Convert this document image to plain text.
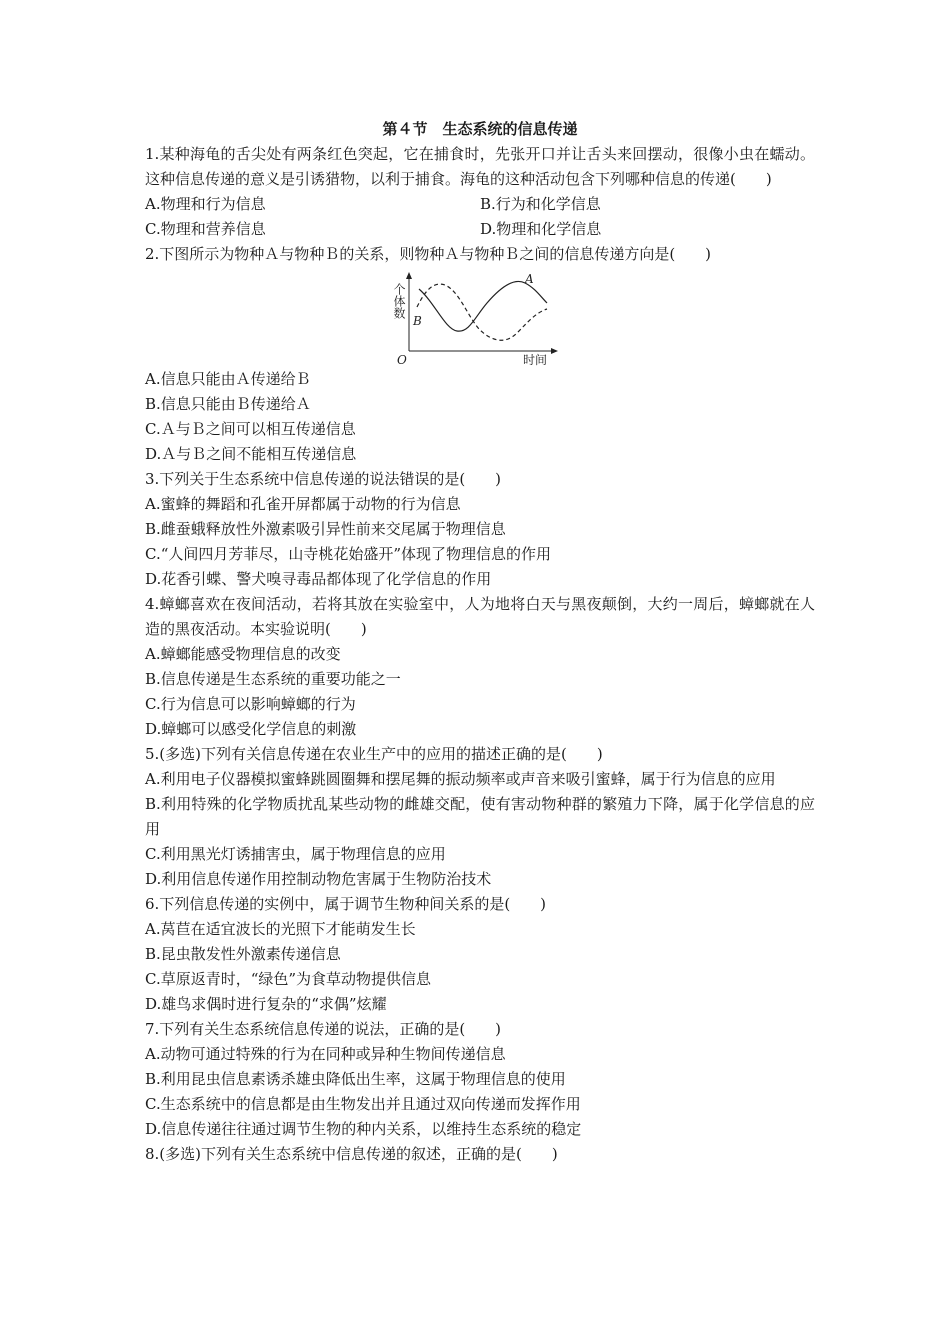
第４节　生态系统的信息传递
1.某种海龟的舌尖处有两条红色突起，它在捕食时，先张开口并让舌头来回摆动，很像小虫在蠕动。这种信息传递的意义是引诱猎物，以利于捕食。海龟的这种活动包含下列哪种信息的传递(　　)
A.物理和行为信息	B.行为和化学信息
C.物理和营养信息	D.物理和化学信息
2.下图所示为物种Ａ与物种Ｂ的关系，则物种Ａ与物种Ｂ之间的信息传递方向是(　　)
个体数
A
B
O	时间
A.信息只能由Ａ传递给Ｂ
B.信息只能由Ｂ传递给Ａ
C.Ａ与Ｂ之间可以相互传递信息
D.Ａ与Ｂ之间不能相互传递信息
3.下列关于生态系统中信息传递的说法错误的是(　　)
A.蜜蜂的舞蹈和孔雀开屏都属于动物的行为信息
B.雌蚕蛾释放性外激素吸引异性前来交尾属于物理信息
C.“人间四月芳菲尽，山寺桃花始盛开”体现了物理信息的作用
D.花香引蝶、警犬嗅寻毒品都体现了化学信息的作用
4.蟑螂喜欢在夜间活动，若将其放在实验室中，人为地将白天与黑夜颠倒，大约一周后，蟑螂就在人造的黑夜活动。本实验说明(　　)
A.蟑螂能感受物理信息的改变
B.信息传递是生态系统的重要功能之一
C.行为信息可以影响蟑螂的行为
D.蟑螂可以感受化学信息的刺激
5.(多选)下列有关信息传递在农业生产中的应用的描述正确的是(　　)
A.利用电子仪器模拟蜜蜂跳圆圈舞和摆尾舞的振动频率或声音来吸引蜜蜂，属于行为信息的应用
B.利用特殊的化学物质扰乱某些动物的雌雄交配，使有害动物种群的繁殖力下降，属于化学信息的应用
C.利用黑光灯诱捕害虫，属于物理信息的应用
D.利用信息传递作用控制动物危害属于生物防治技术
6.下列信息传递的实例中，属于调节生物种间关系的是(　　)
A.莴苣在适宜波长的光照下才能萌发生长
B.昆虫散发性外激素传递信息
C.草原返青时，“绿色”为食草动物提供信息
D.雄鸟求偶时进行复杂的“求偶”炫耀
7.下列有关生态系统信息传递的说法，正确的是(　　)
A.动物可通过特殊的行为在同种或异种生物间传递信息
B.利用昆虫信息素诱杀雄虫降低出生率，这属于物理信息的使用
C.生态系统中的信息都是由生物发出并且通过双向传递而发挥作用
D.信息传递往往通过调节生物的种内关系，以维持生态系统的稳定
8.(多选)下列有关生态系统中信息传递的叙述，正确的是(　　)
